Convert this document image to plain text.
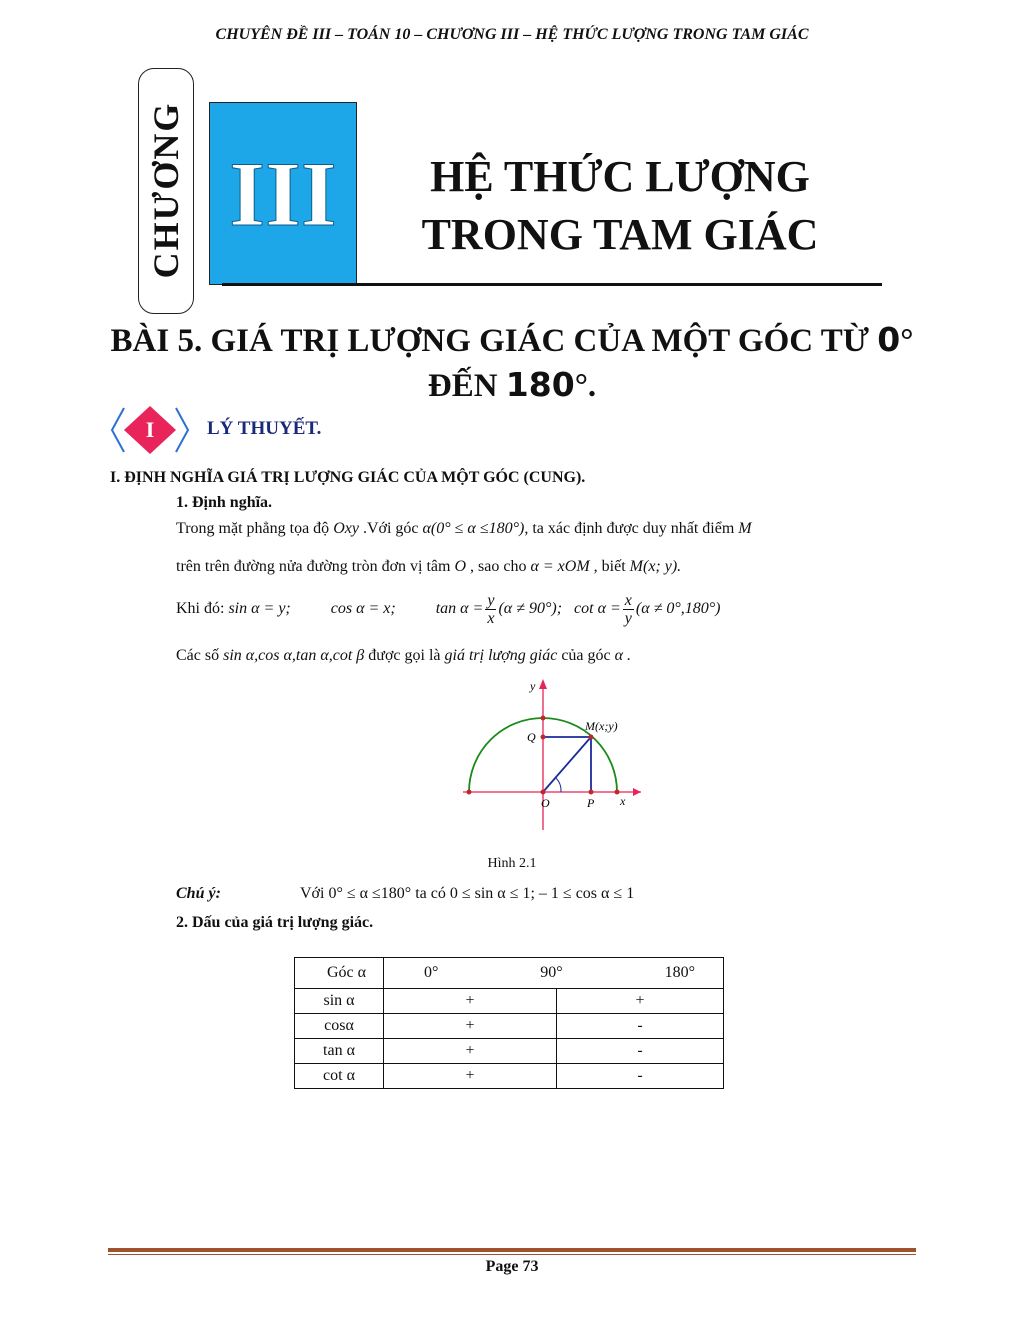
CHUYÊN ĐỀ III – TOÁN 10 – CHƯƠNG III – HỆ THỨC LƯỢNG TRONG TAM GIÁC
CHƯƠNG III	HỆ THỨC LƯỢNG
TRONG TAM GIÁC
BÀI 5. GIÁ TRỊ LƯỢNG GIÁC CỦA MỘT GÓC TỪ 0°
ĐẾN 180°.
I	LÝ THUYẾT.
I. ĐỊNH NGHĨA GIÁ TRỊ LƯỢNG GIÁC CỦA MỘT GÓC (CUNG).
1. Định nghĩa.
Trong mặt phẳng tọa độ Oxy .Với góc α(0° ≤ α ≤180°), ta xác định được duy nhất điểm M
trên trên đường nửa đường tròn đơn vị tâm O , sao cho α = xOM , biết M(x; y).
Khi đó: sin α = y;	cos α = x;	$\tan \alpha = \frac{y}{x} (\alpha \ne 90^\circ)$; $\cot \alpha = \frac{x}{y} (\alpha \ne 0^\circ,180^\circ)$
Các số sin α,cos α,tan α,cot β được gọi là giá trị lượng giác của góc α .
y
x
O	P
Q
M(x;y)
Hình 2.1
Chú ý:	Với 0° ≤ α ≤180° ta có 0 ≤ sin α ≤ 1; – 1 ≤ cos α ≤ 1
2. Dấu của giá trị lượng giác.
Góc α	0° 90° 180°	

sin α	+	+
cosα	+	-
tan α	+	-
cot α	+	-
Page 73
